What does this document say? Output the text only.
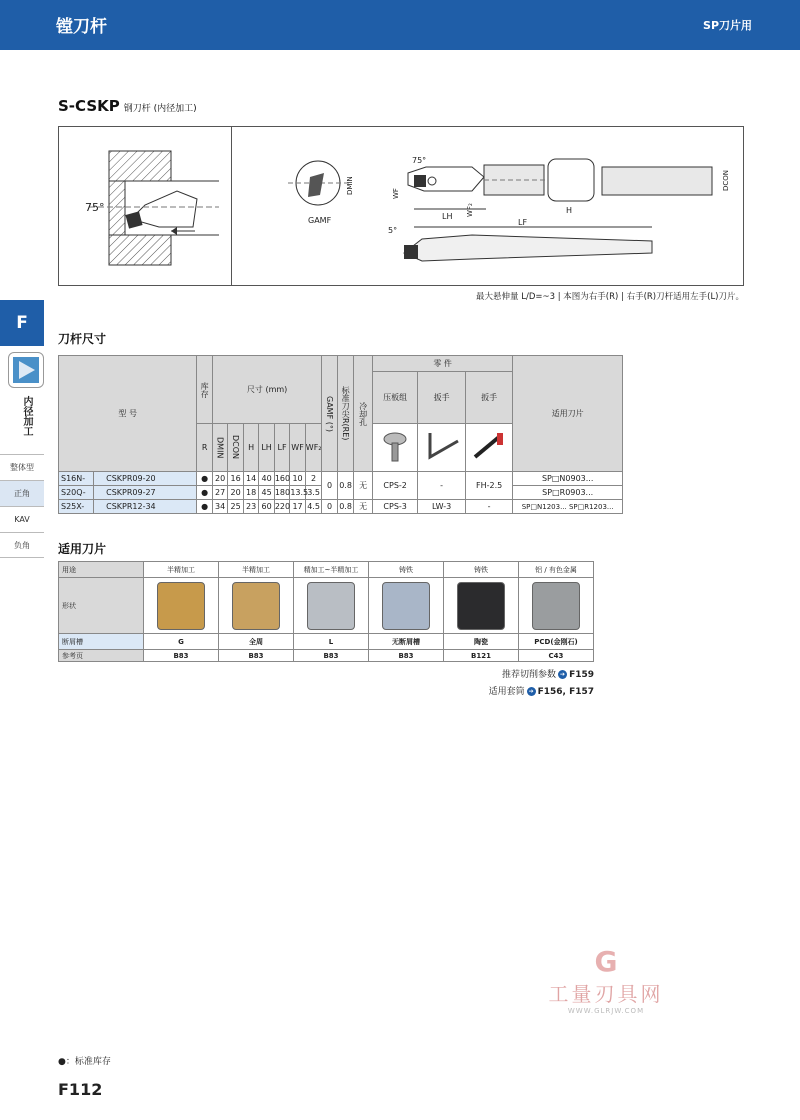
镗刀杆	SP刀片用
S-CSKP 钢刀杆 (内径加工)
75°
GAMF
DMIN
75°
WF
WF₂
LH
H
DCON
LF
5°
最大悬伸量 L/D=~3 | 本图为右手(R) | 右手(R)刀杆适用左手(L)刀片。
F
内径加工
整体型
正角
KAV
负角
刀杆尺寸
型 号		库存	尺寸 (mm)							GAMF (°)	标准刀尖R(RE)	冷却孔	零 件			适用刀片
													压板组	扳手	扳手	
		R	DMIN	DCON	H	LH	LF	WF	WF₂			
S16N-	CSKPR09-20	●	20	16	14	40	160	10	2	0	0.8	无	CPS-2	-	FH-2.5	SP□N0903...
S20Q-	CSKPR09-27	●	27	20	18	45	180	13.5	3.5							SP□R0903...
S25X-	CSKPR12-34	●	34	25	23	60	220	17	4.5	0	0.8	无	CPS-3	LW-3	-	SP□N1203... SP□R1203...
适用刀片
用途	半精加工	半精加工	精加工~半精加工	铸铁	铸铁	铝 / 有色金属
形状	

断屑槽	G	全周	L	无断屑槽	陶瓷	PCD(金刚石)
参考页	B83	B83	B83	B83	B121	C43
推荐切削参数 ➔ F159
适用套筒 ➔ F156, F157
G
工量刃具网
WWW.GLRJW.COM
●：标准库存
F112
